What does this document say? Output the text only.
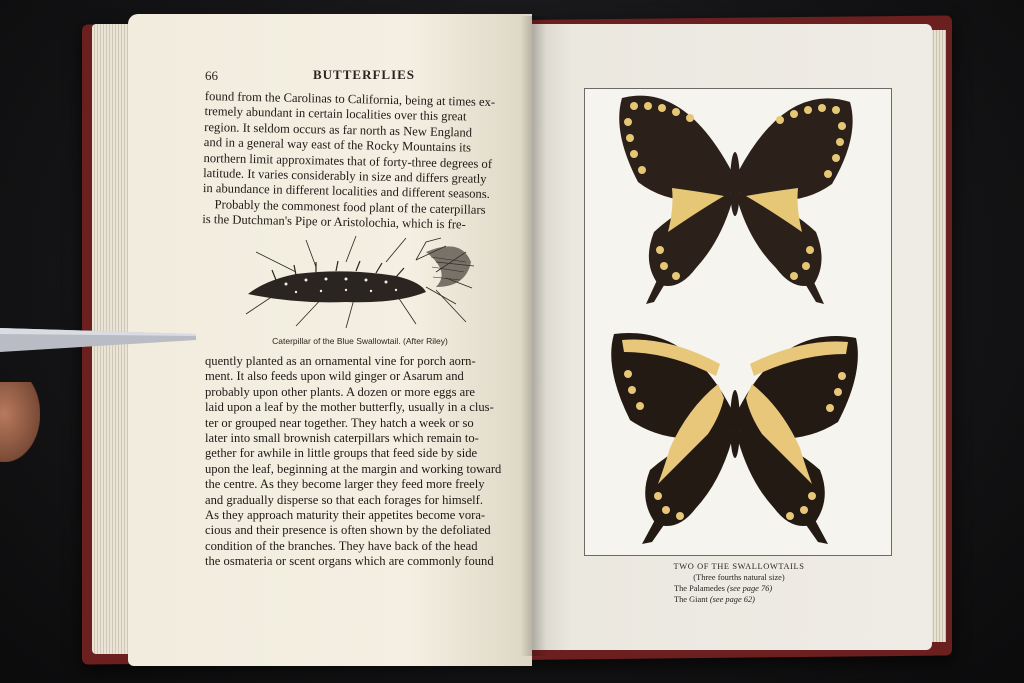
66	BUTTERFLIES
found from the Carolinas to California, being at times ex-
tremely abundant in certain localities over this great
region. It seldom occurs as far north as New England
and in a general way east of the Rocky Mountains its
northern limit approximates that of forty-three degrees of
latitude. It varies considerably in size and differs greatly
in abundance in different localities and different seasons.
Probably the commonest food plant of the caterpillars
is the Dutchman's Pipe or Aristolochia, which is fre-
Caterpillar of the Blue Swallowtail. (After Riley)
quently planted as an ornamental vine for porch aorn-
ment. It also feeds upon wild ginger or Asarum and
probably upon other plants. A dozen or more eggs are
laid upon a leaf by the mother butterfly, usually in a clus-
ter or grouped near together. They hatch a week or so
later into small brownish caterpillars which remain to-
gether for awhile in little groups that feed side by side
upon the leaf, beginning at the margin and working toward
the centre. As they become larger they feed more freely
and gradually disperse so that each forages for himself.
As they approach maturity their appetites become vora-
cious and their presence is often shown by the defoliated
condition of the branches. They have back of the head
the osmateria or scent organs which are commonly found	TWO OF THE SWALLOWTAILS
(Three fourths natural size)
The Palamedes (see page 76)
The Giant (see page 62)
